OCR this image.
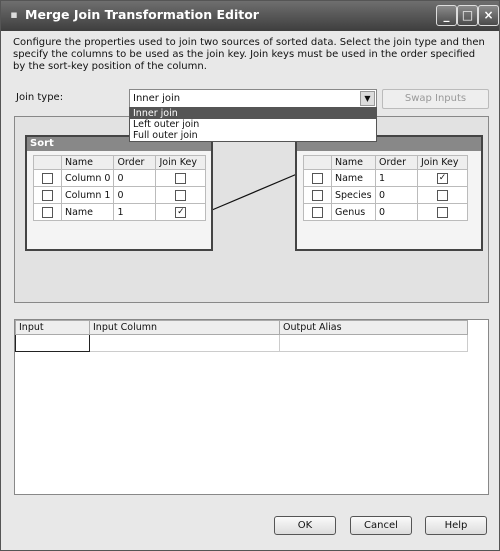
▪ Merge Join Transformation Editor	_	□ ×
Configure the properties used to join two sources of sorted data. Select the join type and then specify the columns to be used as the join key. Join keys must be used in the order specified by the sort-key position of the column.
Join type:	Inner join	▼	Swap Inputs
Sort
	Name	Order	Join Key
	Column 0	0	
	Column 1	0	
	Name	1	✓
	Name	Order	Join Key
	Name	1	✓
	Species	0	
	Genus	0	
Inner join
Left outer join
Full outer join
Input	Input Column	Output Alias

OK	Cancel	Help
